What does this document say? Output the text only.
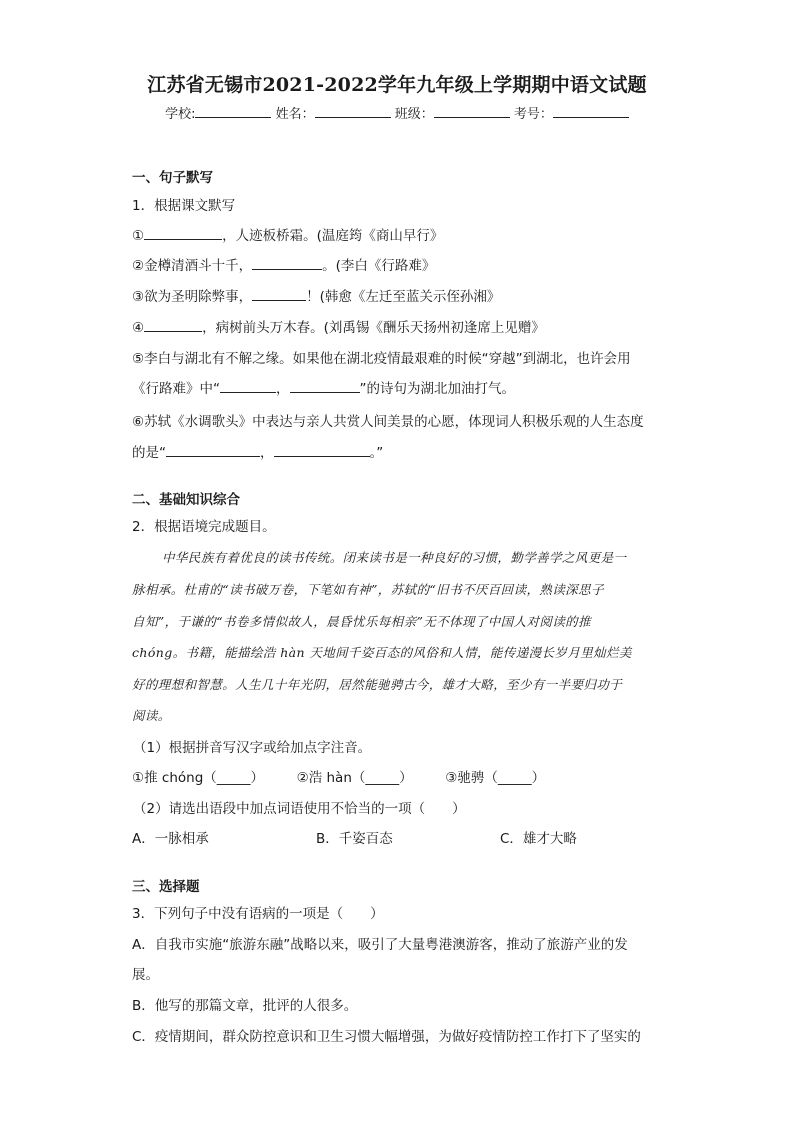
江苏省无锡市2021-2022学年九年级上学期期中语文试题
学校:	姓名：	班级：	考号：
一、句子默写
1．根据课文默写
①	，人迹板桥霜。(温庭筠《商山早行》
②金樽清酒斗十千，	。(李白《行路难》
③欲为圣明除弊事，	！(韩愈《左迁至蓝关示侄孙湘》
④	，病树前头万木春。(刘禹锡《酬乐天扬州初逢席上见赠》
⑤李白与湖北有不解之缘。如果他在湖北疫情最艰难的时候“穿越”到湖北，也许会用
《行路难》中“	，	”的诗句为湖北加油打气。
⑥苏轼《水调歌头》中表达与亲人共赏人间美景的心愿，体现词人积极乐观的人生态度
的是“	，	。”
二、基础知识综合
2．根据语境完成题目。
中华民族有着优良的读书传统。闭来读书是一种良好的习惯，勤学善学之风更是一
脉相承。杜甫的“读书破万卷，下笔如有神”，苏轼的“旧书不厌百回读，熟读深思子
自知”，于谦的“书卷多情似故人，晨昏忧乐每相亲”无不体现了中国人对阅读的推
chóng。书籍，能描绘浩 hàn 天地间千姿百态的风俗和人情，能传递漫长岁月里灿烂美
好的理想和智慧。人生几十年光阴，居然能驰骋古今，雄才大略，至少有一半要归功于
阅读。
（1）根据拼音写汉字或给加点字注音。
①推 chóng（_____） ②浩 hàn（_____） ③驰骋（_____）
（2）请选出语段中加点词语使用不恰当的一项（　　）
A．一脉相承	B．千姿百态	C．雄才大略
三、选择题
3．下列句子中没有语病的一项是（　　）
A．自我市实施“旅游东融”战略以来，吸引了大量粤港澳游客，推动了旅游产业的发
展。
B．他写的那篇文章，批评的人很多。
C．疫情期间，群众防控意识和卫生习惯大幅增强，为做好疫情防控工作打下了坚实的
